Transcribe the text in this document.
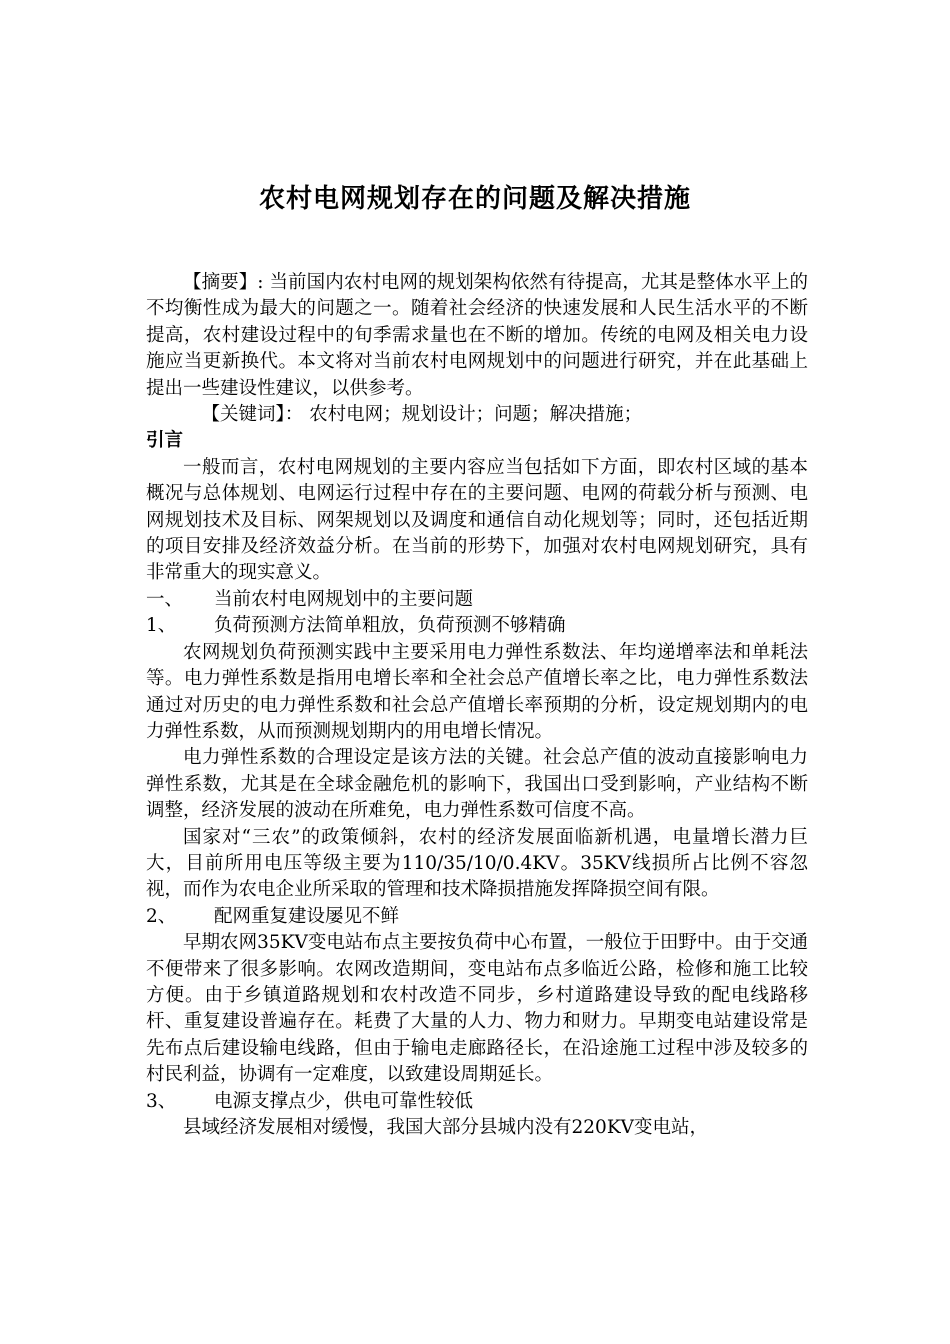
农村电网规划存在的问题及解决措施

【摘要】: 当前国内农村电网的规划架构依然有待提高，尤其是整体水平上的不均衡性成为最大的问题之一。随着社会经济的快速发展和人民生活水平的不断提高，农村建设过程中的旬季需求量也在不断的增加。传统的电网及相关电力设施应当更新换代。本文将对当前农村电网规划中的问题进行研究，并在此基础上提出一些建设性建议，以供参考。

【关键词】： 农村电网；规划设计；问题；解决措施；

引言

一般而言，农村电网规划的主要内容应当包括如下方面，即农村区域的基本概况与总体规划、电网运行过程中存在的主要问题、电网的荷载分析与预测、电网规划技术及目标、网架规划以及调度和通信自动化规划等；同时，还包括近期的项目安排及经济效益分析。在当前的形势下，加强对农村电网规划研究，具有非常重大的现实意义。

一、 当前农村电网规划中的主要问题

1、 负荷预测方法简单粗放，负荷预测不够精确

农网规划负荷预测实践中主要采用电力弹性系数法、年均递增率法和单耗法等。电力弹性系数是指用电增长率和全社会总产值增长率之比，电力弹性系数法通过对历史的电力弹性系数和社会总产值增长率预期的分析，设定规划期内的电力弹性系数，从而预测规划期内的用电增长情况。

电力弹性系数的合理设定是该方法的关键。社会总产值的波动直接影响电力弹性系数，尤其是在全球金融危机的影响下，我国出口受到影响，产业结构不断调整，经济发展的波动在所难免，电力弹性系数可信度不高。

国家对“三农”的政策倾斜，农村的经济发展面临新机遇，电量增长潜力巨大，目前所用电压等级主要为110/35/10/0.4KV。35KV线损所占比例不容忽视，而作为农电企业所采取的管理和技术降损措施发挥降损空间有限。

2、 配网重复建设屡见不鲜

早期农网35KV变电站布点主要按负荷中心布置，一般位于田野中。由于交通不便带来了很多影响。农网改造期间，变电站布点多临近公路，检修和施工比较方便。由于乡镇道路规划和农村改造不同步，乡村道路建设导致的配电线路移杆、重复建设普遍存在。耗费了大量的人力、物力和财力。早期变电站建设常是先布点后建设输电线路，但由于输电走廊路径长，在沿途施工过程中涉及较多的村民利益，协调有一定难度，以致建设周期延长。

3、 电源支撑点少，供电可靠性较低

县域经济发展相对缓慢，我国大部分县城内没有220KV变电站，
